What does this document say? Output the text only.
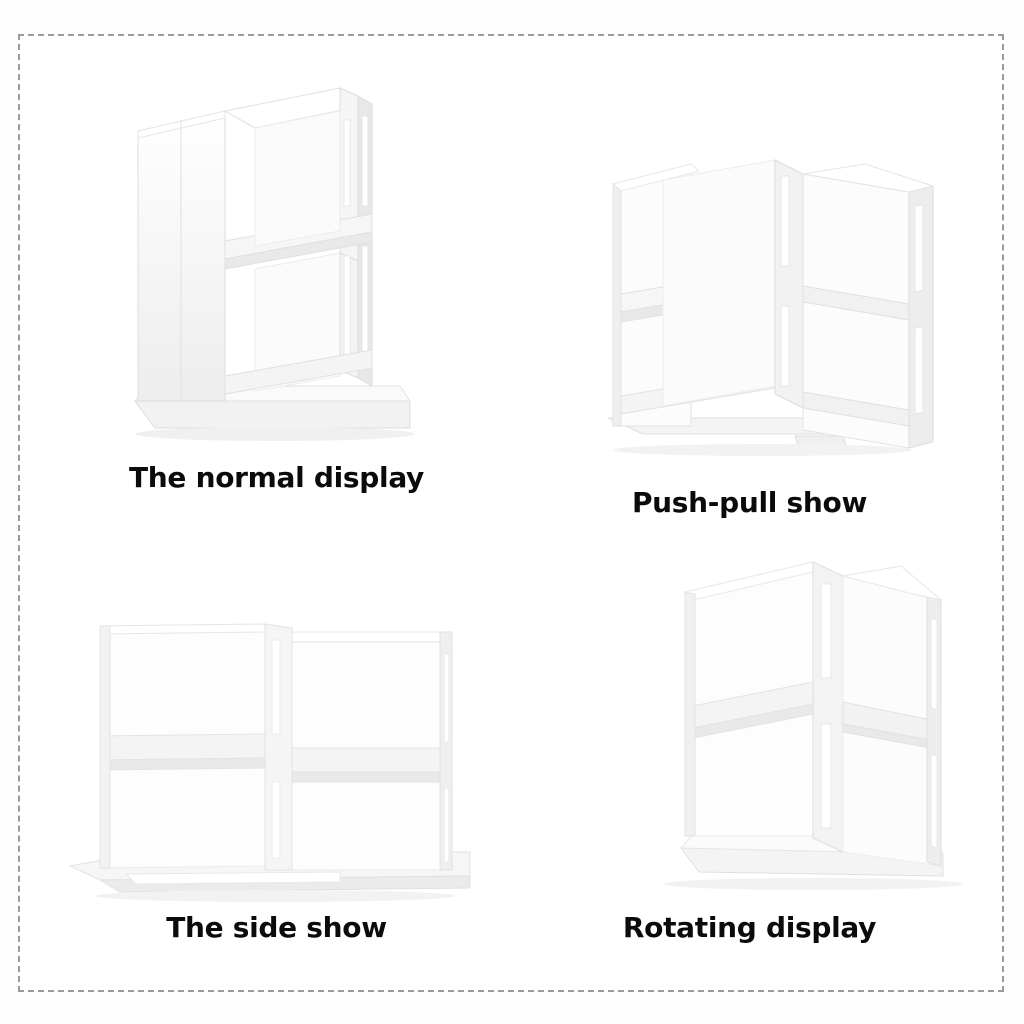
The normal display
Push-pull show
The side show	Rotating display
